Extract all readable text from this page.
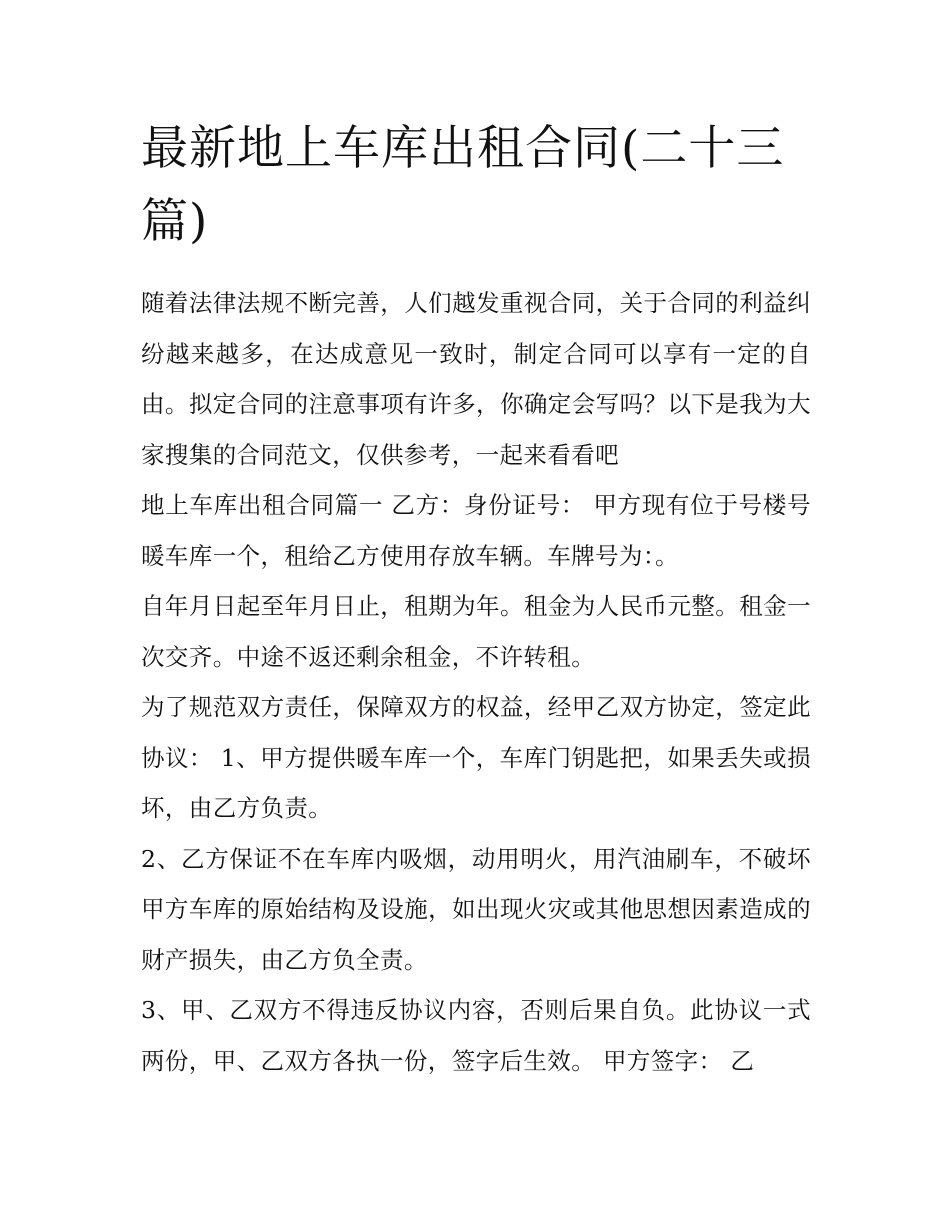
最新地上车库出租合同(二十三篇)

随着法律法规不断完善，人们越发重视合同，关于合同的利益纠纷越来越多，在达成意见一致时，制定合同可以享有一定的自由。拟定合同的注意事项有许多，你确定会写吗？以下是我为大家搜集的合同范文，仅供参考，一起来看看吧

地上车库出租合同篇一 乙方：身份证号： 甲方现有位于号楼号暖车库一个，租给乙方使用存放车辆。车牌号为：。

自年月日起至年月日止，租期为年。租金为人民币元整。租金一次交齐。中途不返还剩余租金，不许转租。

为了规范双方责任，保障双方的权益，经甲乙双方协定，签定此协议： 1、甲方提供暖车库一个，车库门钥匙把，如果丢失或损坏，由乙方负责。

2、乙方保证不在车库内吸烟，动用明火，用汽油刷车，不破坏甲方车库的原始结构及设施，如出现火灾或其他思想因素造成的财产损失，由乙方负全责。

3、甲、乙双方不得违反协议内容，否则后果自负。此协议一式两份，甲、乙双方各执一份，签字后生效。 甲方签字： 乙
